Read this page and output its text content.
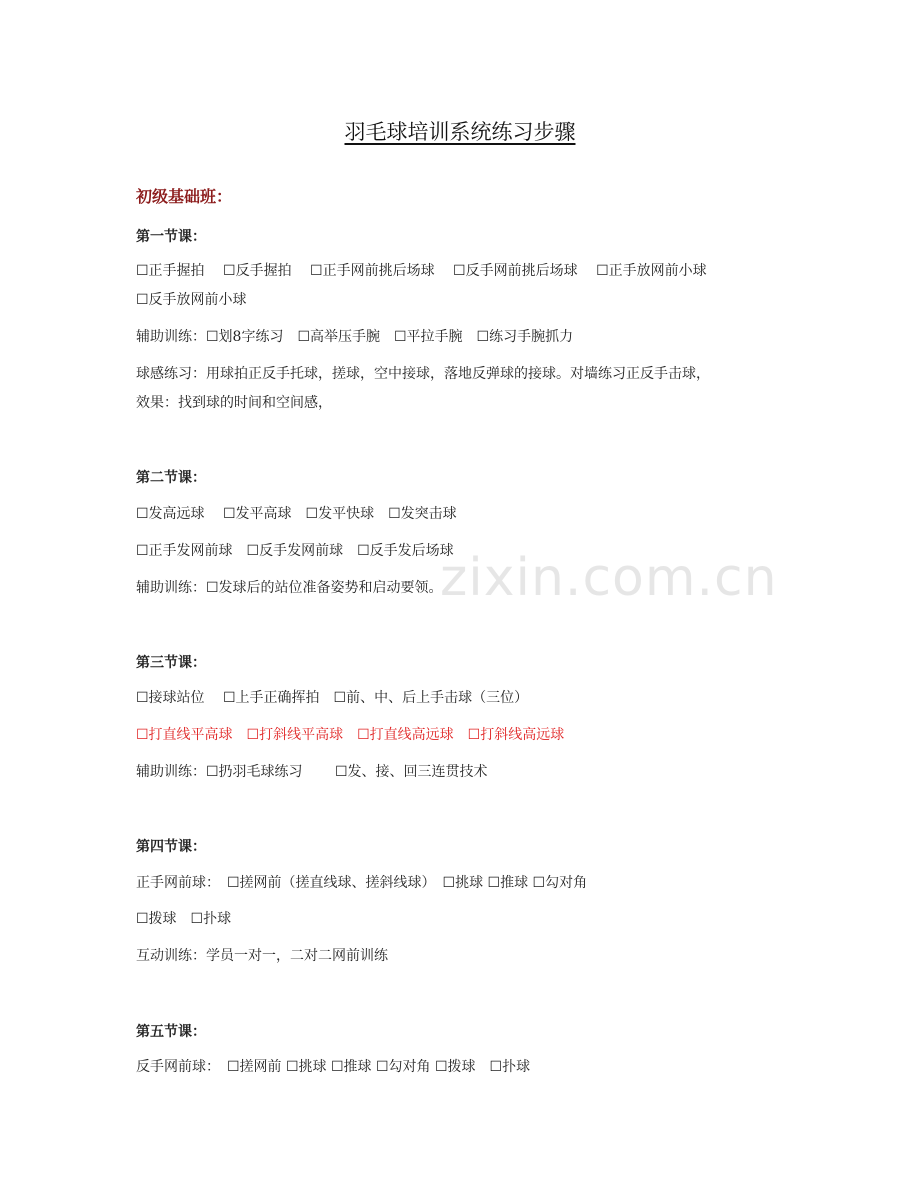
羽毛球培训系统练习步骤
初级基础班：
第一节课：
☐正手握拍 ☐反手握拍 ☐正手网前挑后场球 ☐反手网前挑后场球 ☐正手放网前小球
☐反手放网前小球
辅助训练：☐划8字练习　☐高举压手腕　☐平拉手腕　☐练习手腕抓力
球感练习：用球拍正反手托球，搓球，空中接球，落地反弹球的接球。对墙练习正反手击球，
效果：找到球的时间和空间感，
第二节课：
☐发高远球　 ☐发平高球　☐发平快球　☐发突击球
☐正手发网前球　☐反手发网前球　☐反手发后场球
辅助训练：☐发球后的站位准备姿势和启动要领。
第三节课：
☐接球站位　 ☐上手正确挥拍　☐前、中、后上手击球（三位）
☐打直线平高球　☐打斜线平高球　☐打直线高远球　☐打斜线高远球
辅助训练：☐扔羽毛球练习　　 ☐发、接、回三连贯技术
第四节课：
正手网前球：　☐搓网前（搓直线球、搓斜线球）　☐挑球 ☐推球 ☐勾对角
☐拨球　☐扑球
互动训练：学员一对一，二对二网前训练
第五节课：
反手网前球：　☐搓网前 ☐挑球 ☐推球 ☐勾对角 ☐拨球　☐扑球
zixin.com.cn
